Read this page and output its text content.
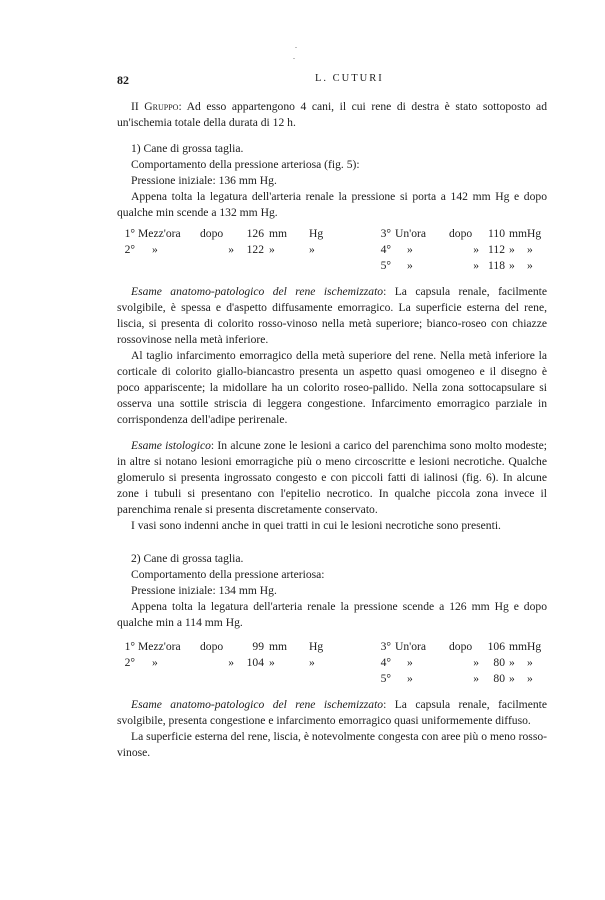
.
.
82	L. CUTURI

II Gruppo: Ad esso appartengono 4 cani, il cui rene di destra è stato sottoposto ad un'ischemia totale della durata di 12 h.

1) Cane di grossa taglia.

Comportamento della pressione arteriosa (fig. 5):

Pressione iniziale: 136 mm Hg.

Appena tolta la legatura dell'arteria renale la pressione si porta a 142 mm Hg e dopo qualche min scende a 132 mm Hg.

1°	Mezz'ora	dopo	126	mm	Hg		3°	Un'ora	dopo	110	mm	Hg
2°	»	»	122	»	»		4°	»	»	112	»	»
							5°	»	»	118	»	»

Esame anatomo-patologico del rene ischemizzato: La capsula renale, facilmente svolgibile, è spessa e d'aspetto diffusamente emorragico. La superficie esterna del rene, liscia, si presenta di colorito rosso-vinoso nella metà superiore; bianco-roseo con chiazze rossovinose nella metà inferiore.

Al taglio infarcimento emorragico della metà superiore del rene. Nella metà inferiore la corticale di colorito giallo-biancastro presenta un aspetto quasi omogeneo e il disegno è poco appariscente; la midollare ha un colorito roseo-pallido. Nella zona sottocapsulare si osserva una sottile striscia di leggera congestione. Infarcimento emorragico parziale in corrispondenza dell'adipe perirenale.

Esame istologico: In alcune zone le lesioni a carico del parenchima sono molto modeste; in altre si notano lesioni emorragiche più o meno circoscritte e lesioni necrotiche. Qualche glomerulo si presenta ingrossato congesto e con piccoli fatti di ialinosi (fig. 6). In alcune zone i tubuli si presentano con l'epitelio necrotico. In qualche piccola zona invece il parenchima renale si presenta discretamente conservato.

I vasi sono indenni anche in quei tratti in cui le lesioni necrotiche sono presenti.

2) Cane di grossa taglia.

Comportamento della pressione arteriosa:

Pressione iniziale: 134 mm Hg.

Appena tolta la legatura dell'arteria renale la pressione scende a 126 mm Hg e dopo qualche min a 114 mm Hg.

1°	Mezz'ora	dopo	99	mm	Hg		3°	Un'ora	dopo	106	mm	Hg
2°	»	»	104	»	»		4°	»	»	80	»	»
							5°	»	»	80	»	»

Esame anatomo-patologico del rene ischemizzato: La capsula renale, facilmente svolgibile, presenta congestione e infarcimento emorragico quasi uniformemente diffuso.

La superficie esterna del rene, liscia, è notevolmente congesta con aree più o meno rosso-vinose.
